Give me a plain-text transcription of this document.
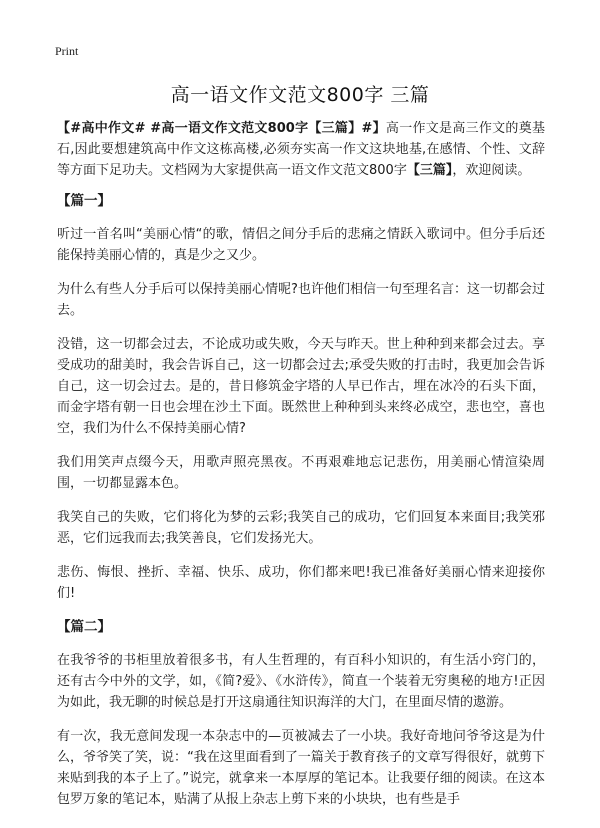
Print
高一语文作文范文800字 三篇

【#高中作文# #高一语文作文范文800字【三篇】#】高一作文是高三作文的奠基石,因此要想建筑高中作文这栋高楼,必须夯实高一作文这块地基,在感情、个性、文辞等方面下足功夫。文档网为大家提供高一语文作文范文800字【三篇】，欢迎阅读。

【篇一】

听过一首名叫“美丽心情“的歌，情侣之间分手后的悲痛之情跃入歌词中。但分手后还能保持美丽心情的，真是少之又少。

为什么有些人分手后可以保持美丽心情呢?也许他们相信一句至理名言：这一切都会过去。

没错，这一切都会过去，不论成功或失败，今天与昨天。世上种种到来都会过去。享受成功的甜美时，我会告诉自己，这一切都会过去;承受失败的打击时，我更加会告诉自己，这一切会过去。是的，昔日修筑金字塔的人早已作古，埋在冰冷的石头下面，而金字塔有朝一日也会埋在沙土下面。既然世上种种到头来终必成空，悲也空，喜也空，我们为什么不保持美丽心情?

我们用笑声点缀今天，用歌声照亮黑夜。不再艰难地忘记悲伤，用美丽心情渲染周围，一切都显露本色。

我笑自己的失败，它们将化为梦的云彩;我笑自己的成功，它们回复本来面目;我笑邪恶，它们远我而去;我笑善良，它们发扬光大。

悲伤、悔恨、挫折、幸福、快乐、成功，你们都来吧!我已准备好美丽心情来迎接你们!

【篇二】

在我爷爷的书柜里放着很多书，有人生哲理的，有百科小知识的，有生活小窍门的，还有古今中外的文学，如，《简?爱》、《水浒传》，简直一个装着无穷奥秘的地方!正因为如此，我无聊的时候总是打开这扇通往知识海洋的大门，在里面尽情的遨游。

有一次，我无意间发现一本杂志中的—页被减去了一小块。我好奇地问爷爷这是为什么，爷爷笑了笑，说：“我在这里面看到了一篇关于教育孩子的文章写得很好，就剪下来贴到我的本子上了。”说完，就拿来一本厚厚的笔记本。让我要仔细的阅读。在这本包罗万象的笔记本，贴满了从报上杂志上剪下来的小块块，也有些是手
